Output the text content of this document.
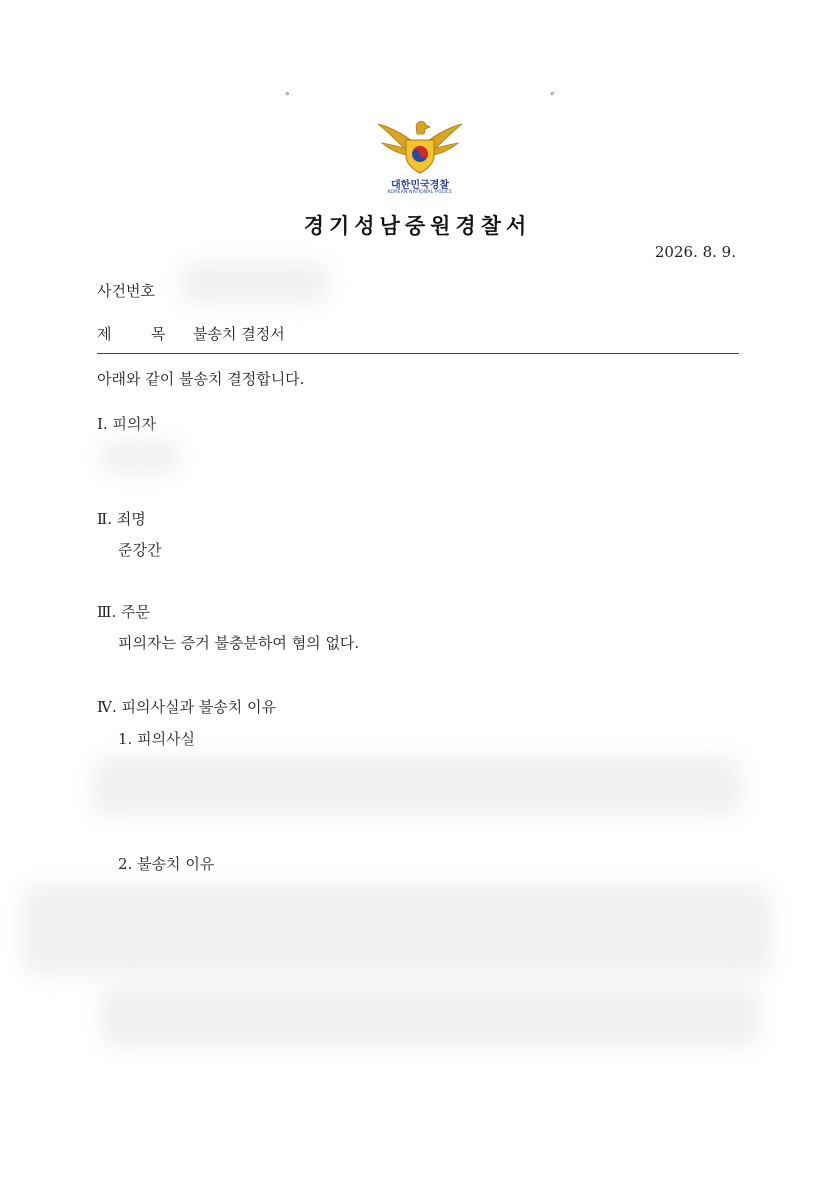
°	°
대한민국경찰
KOREAN NATIONAL POLICE
경기성남중원경찰서
2026. 8. 9.
사건번호
제	목 불송치 결정서
아래와 같이 불송치 결정합니다.
Ⅰ. 피의자
Ⅱ. 죄명
준강간
Ⅲ. 주문
피의자는 증거 불충분하여 혐의 없다.
Ⅳ. 피의사실과 불송치 이유
1. 피의사실
2. 불송치 이유
